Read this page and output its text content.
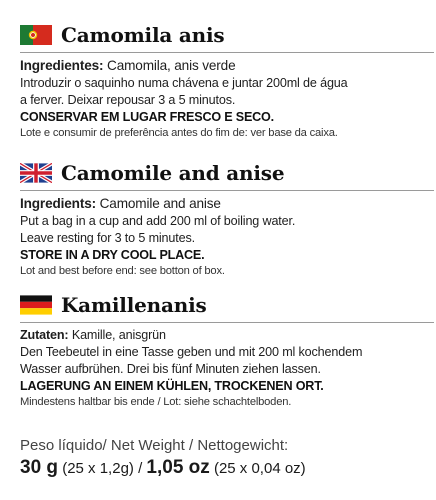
Camomila anis
Ingredientes: Camomila, anis verde
Introduzir o saquinho numa chávena e juntar 200ml de água
a ferver. Deixar repousar 3 a 5 minutos.
CONSERVAR EM LUGAR FRESCO E SECO.
Lote e consumir de preferência antes do fim de: ver base da caixa.
Camomile and anise
Ingredients: Camomile and anise
Put a bag in a cup and add 200 ml of boiling water.
Leave resting for 3 to 5 minutes.
STORE IN A DRY COOL PLACE.
Lot and best before end: see botton of box.
Kamillenanis
Zutaten: Kamille, anisgrün
Den Teebeutel in eine Tasse geben und mit 200 ml kochendem
Wasser aufbrühen. Drei bis fünf Minuten ziehen lassen.
LAGERUNG AN EINEM KÜHLEN, TROCKENEN ORT.
Mindestens haltbar bis ende / Lot: siehe schachtelboden.
Peso líquido/ Net Weight / Nettogewicht:
30 g (25 x 1,2g) / 1,05 oz (25 x 0,04 oz)
